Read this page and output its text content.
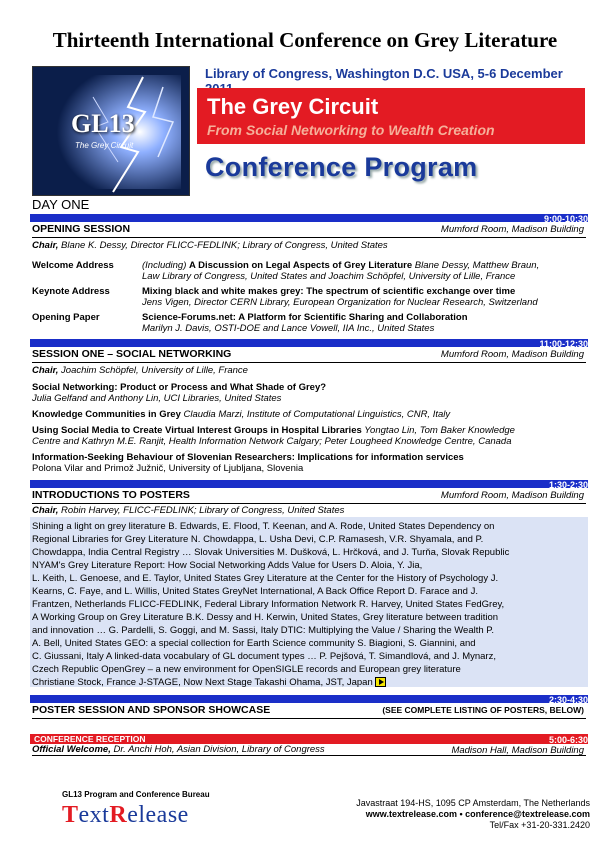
Thirteenth International Conference on Grey Literature
GL13
The Grey Circuit
Library of Congress, Washington D.C. USA, 5-6 December
The Grey Circuit
From Social Networking to Wealth Creation
Conference Program
DAY ONE
9:00-10:30
OPENING SESSION	Mumford Room, Madison Building
Chair, Blane K. Dessy, Director FLICC-FEDLINK; Library of Congress, United States
Welcome Address	(Including) A Discussion on Legal Aspects of Grey Literature Blane Dessy, Matthew Braun,
Law Library of Congress, United States and Joachim Schöpfel, University of Lille, France
Keynote Address	Mixing black and white makes grey: The spectrum of scientific exchange over time
Jens Vigen, Director CERN Library, European Organization for Nuclear Research, Switzerland
Opening Paper	Science-Forums.net: A Platform for Scientific Sharing and Collaboration
Marilyn J. Davis, OSTI-DOE and Lance Vowell, IIA Inc., United States
11:00-12:30
SESSION ONE – SOCIAL NETWORKING	Mumford Room, Madison Building
Chair, Joachim Schöpfel, University of Lille, France
Social Networking: Product or Process and What Shade of Grey?
Julia Gelfand and Anthony Lin, UCI Libraries, United States
Knowledge Communities in Grey Claudia Marzi, Institute of Computational Linguistics, CNR, Italy
Using Social Media to Create Virtual Interest Groups in Hospital Libraries Yongtao Lin, Tom Baker Knowledge
Centre and Kathryn M.E. Ranjit, Health Information Network Calgary; Peter Lougheed Knowledge Centre, Canada
Information-Seeking Behaviour of Slovenian Researchers: Implications for information services
Polona Vilar and Primož Južnič, University of Ljubljana, Slovenia
1:30-2:30
INTRODUCTIONS TO POSTERS	Mumford Room, Madison Building
Chair, Robin Harvey, FLICC-FEDLINK; Library of Congress, United States
Shining a light on grey literature B. Edwards, E. Flood, T. Keenan, and A. Rode, United States Dependency on
Regional Libraries for Grey Literature N. Chowdappa, L. Usha Devi, C.P. Ramasesh, V.R. Shyamala, and P.
Chowdappa, India Central Registry … Slovak Universities M. Dušková, L. Hrčková, and J. Turňa, Slovak Republic
NYAM's Grey Literature Report: How Social Networking Adds Value for Users D. Aloia, Y. Jia,
L. Keith, L. Genoese, and E. Taylor, United States Grey Literature at the Center for the History of Psychology J.
Kearns, C. Faye, and L. Willis, United States GreyNet International, A Back Office Report D. Farace and J.
Frantzen, Netherlands FLICC-FEDLINK, Federal Library Information Network R. Harvey, United States FedGrey,
A Working Group on Grey Literature B.K. Dessy and H. Kerwin, United States, Grey literature between tradition
and innovation … G. Pardelli, S. Goggi, and M. Sassi, Italy DTIC: Multiplying the Value / Sharing the Wealth P.
A. Bell, United States GEO: a special collection for Earth Science community S. Biagioni, S. Giannini, and
C. Giussani, Italy A linked-data vocabulary of GL document types … P. Pejšová, T. Simandlová, and J. Mynarz,
Czech Republic OpenGrey – a new environment for OpenSIGLE records and European grey literature
Christiane Stock, France J-STAGE, Now Next Stage Takashi Ohama, JST, Japan
2:30-4:30
POSTER SESSION AND SPONSOR SHOWCASE	(SEE COMPLETE LISTING OF POSTERS, BELOW)
CONFERENCE RECEPTION	5:00-6:30
Official Welcome, Dr. Anchi Hoh, Asian Division, Library of Congress	Madison Hall, Madison Building
GL13 Program and Conference Bureau
TextRelease	Javastraat 194-HS, 1095 CP Amsterdam, The Netherlands
www.textrelease.com • conference@textrelease.com
Tel/Fax +31-20-331.2420
